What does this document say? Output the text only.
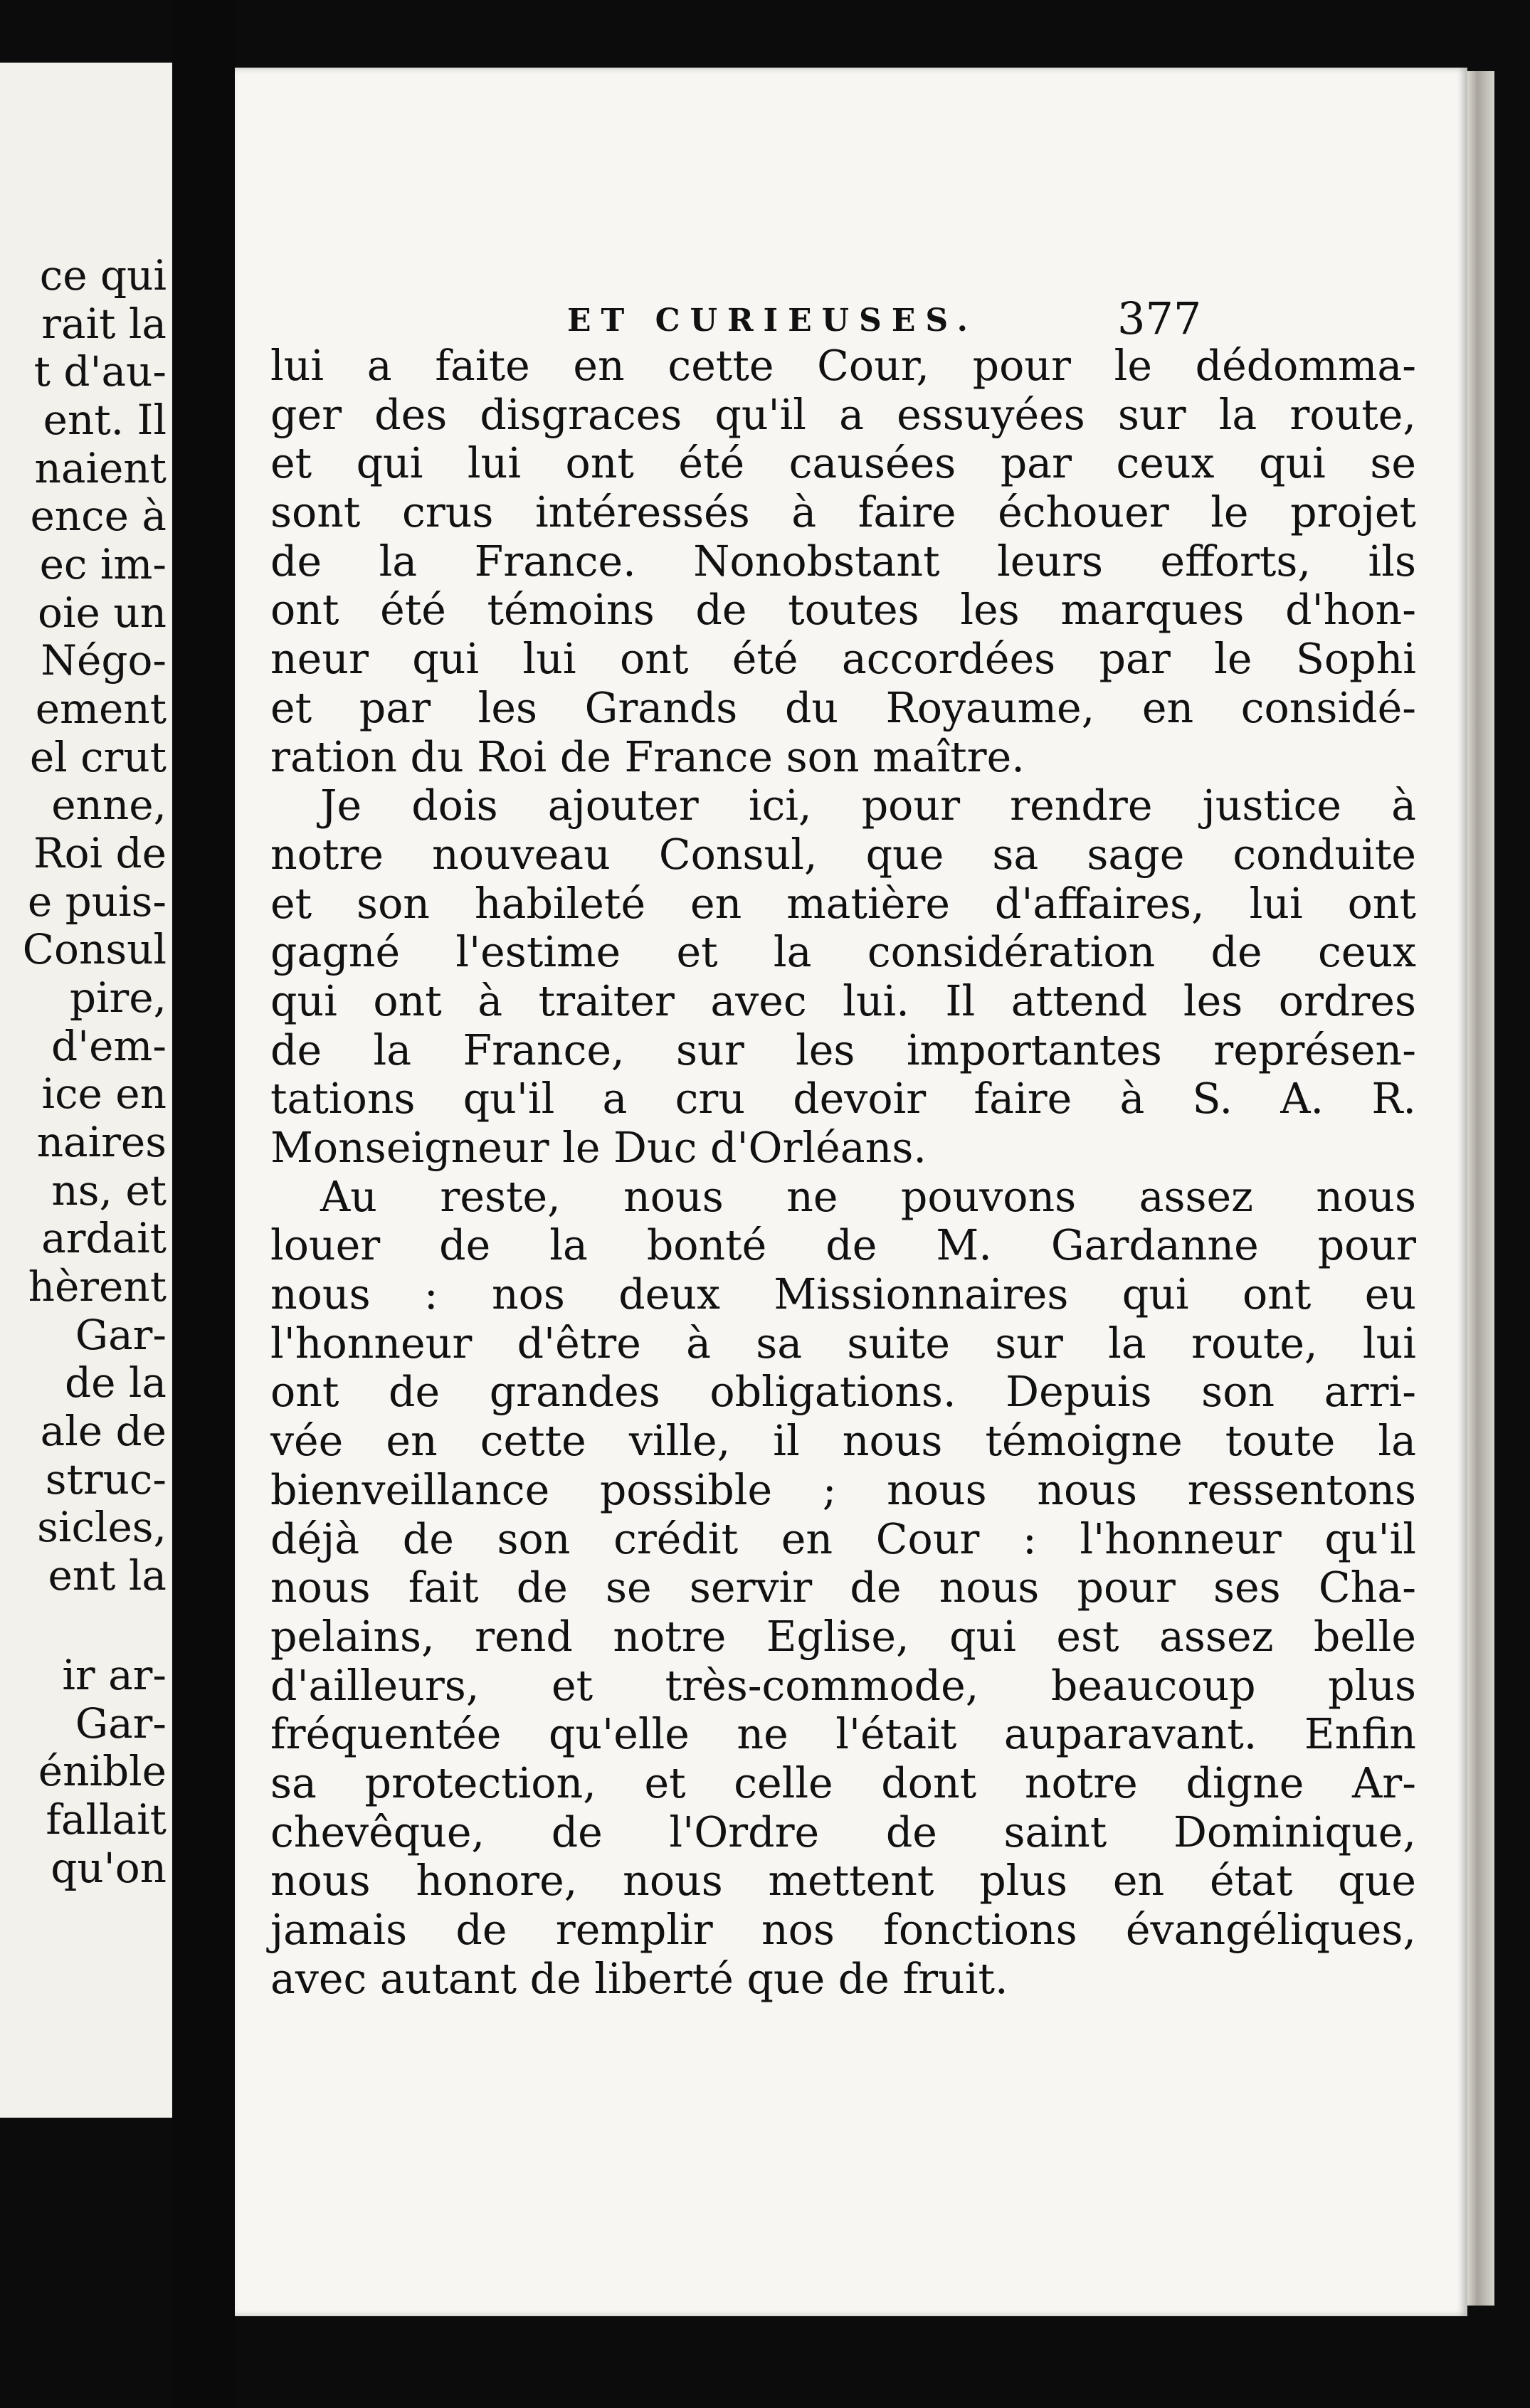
ce qui
rait la
t d'au-
ent. Il
naient
ence à
ec im-
oie un
Négo-
ement
el crut
enne,
Roi de
e puis-
Consul
pire,
d'em-
ice en
naires
ns, et
ardait
hèrent
Gar-
de la
ale de
struc-
sicles,
ent la
ir ar-
Gar-
énible
fallait
qu'on
ET CURIEUSES.	377
lui a faite en cette Cour, pour le dédomma-
ger des disgraces qu'il a essuyées sur la route,
et qui lui ont été causées par ceux qui se
sont crus intéressés à faire échouer le projet
de la France. Nonobstant leurs efforts, ils
ont été témoins de toutes les marques d'hon-
neur qui lui ont été accordées par le Sophi
et par les Grands du Royaume, en considé-
ration du Roi de France son maître.
Je dois ajouter ici, pour rendre justice à
notre nouveau Consul, que sa sage conduite
et son habileté en matière d'affaires, lui ont
gagné l'estime et la considération de ceux
qui ont à traiter avec lui. Il attend les ordres
de la France, sur les importantes représen-
tations qu'il a cru devoir faire à S. A. R.
Monseigneur le Duc d'Orléans.
Au reste, nous ne pouvons assez nous
louer de la bonté de M. Gardanne pour
nous : nos deux Missionnaires qui ont eu
l'honneur d'être à sa suite sur la route, lui
ont de grandes obligations. Depuis son arri-
vée en cette ville, il nous témoigne toute la
bienveillance possible ; nous nous ressentons
déjà de son crédit en Cour : l'honneur qu'il
nous fait de se servir de nous pour ses Cha-
pelains, rend notre Eglise, qui est assez belle
d'ailleurs, et très-commode, beaucoup plus
fréquentée qu'elle ne l'était auparavant. Enfin
sa protection, et celle dont notre digne Ar-
chevêque, de l'Ordre de saint Dominique,
nous honore, nous mettent plus en état que
jamais de remplir nos fonctions évangéliques,
avec autant de liberté que de fruit.
